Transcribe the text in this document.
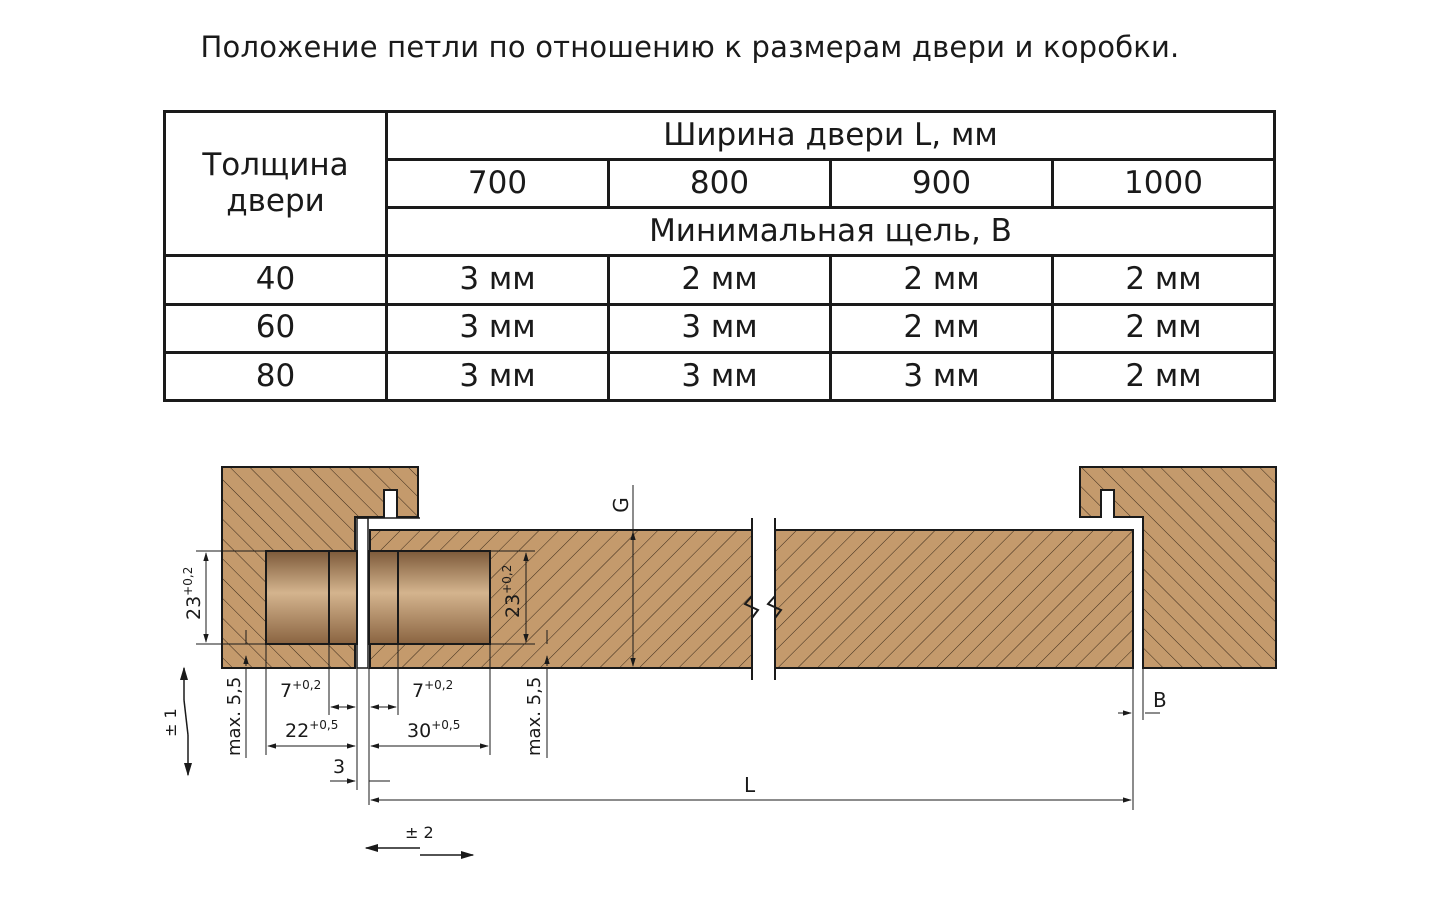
Положение петли по отношению к размерам двери и коробки.
Толщина двери	Ширина двери L, мм			
	700	800	900	1000
	Минимальная щель, B			
40	3 мм	2 мм	2 мм	2 мм
60	3 мм	3 мм	2 мм	2 мм
80	3 мм	3 мм	3 мм	2 мм
G
$23^{+0,2}$
$23^{+0,2}$
$7^{+0,2}$	$7^{+0,2}$
$22^{+0,5}$	$30^{+0,5}$
3
L
B
max. 5,5	max. 5,5
± 1
± 2
